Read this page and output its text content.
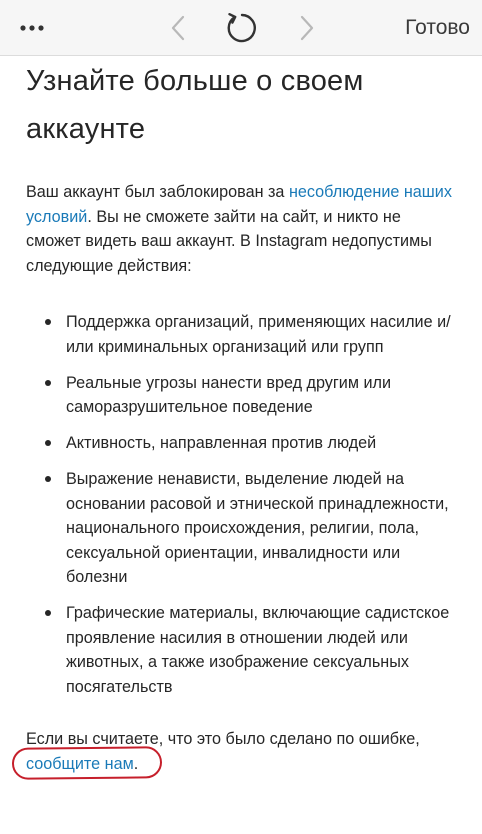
Готово
Узнайте больше о своем аккаунте

Ваш аккаунт был заблокирован за несоблюдение наших условий. Вы не сможете зайти на сайт, и никто не сможет видеть ваш аккаунт. В Instagram недопустимы следующие действия:

Поддержка организаций, применяющих насилие и/или криминальных организаций или групп
Реальные угрозы нанести вред другим или саморазрушительное поведение
Активность, направленная против людей
Выражение ненависти, выделение людей на основании расовой и этнической принадлежности, национального происхождения, религии, пола, сексуальной ориентации, инвалидности или болезни
Графические материалы, включающие садистское проявление насилия в отношении людей или животных, а также изображение сексуальных посягательств

Если вы считаете, что это было сделано по ошибке,

сообщите нам.
